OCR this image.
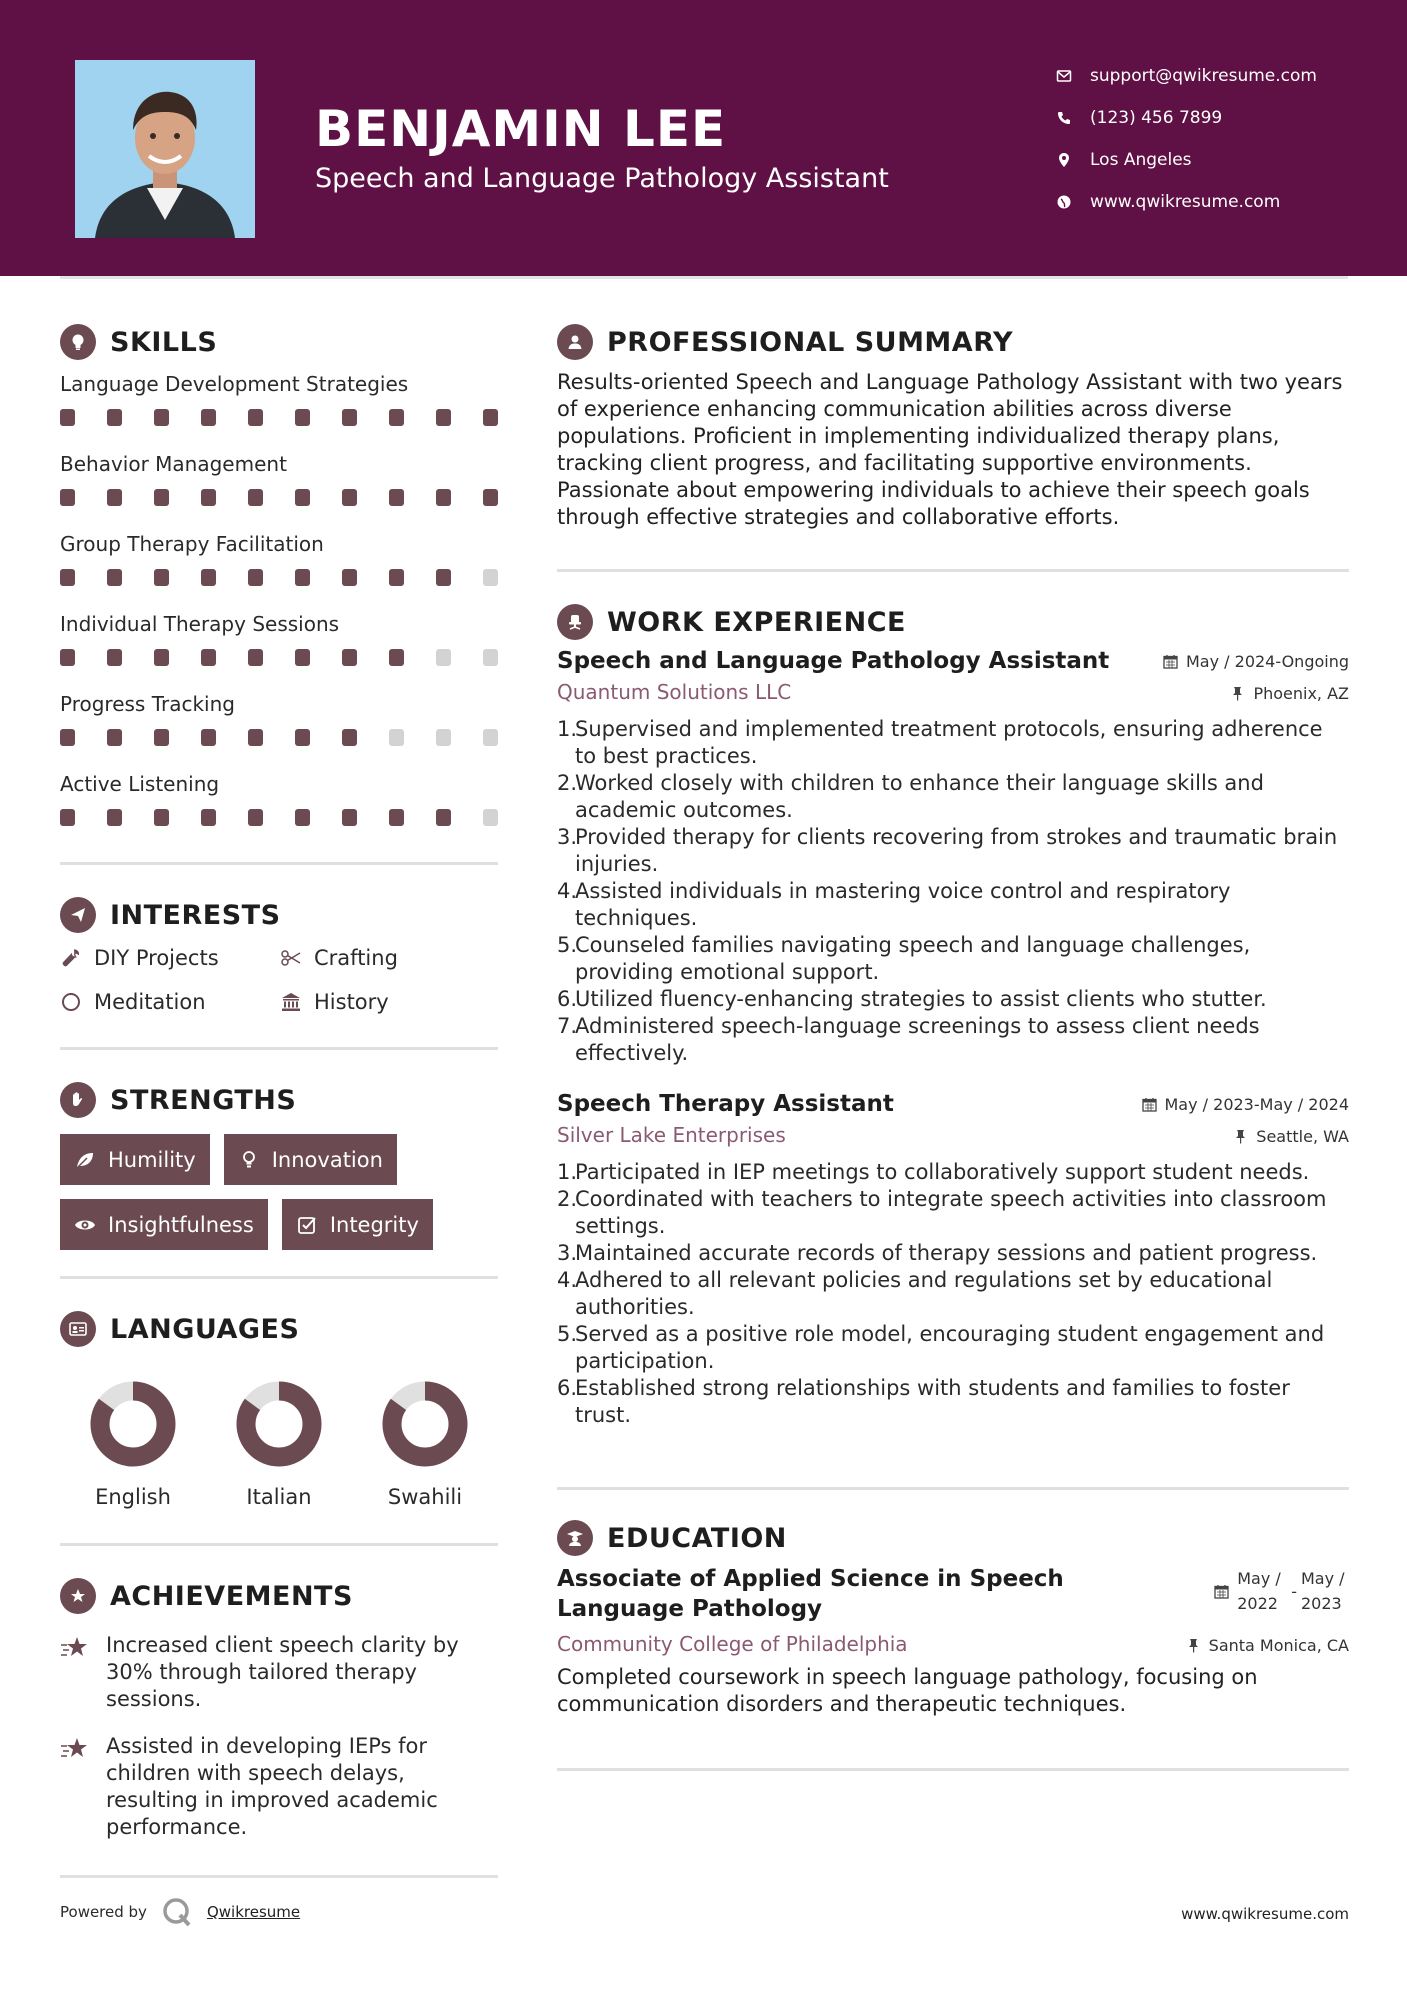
BENJAMIN LEE
Speech and Language Pathology Assistant
support@qwikresume.com
(123) 456 7899
Los Angeles
www.qwikresume.com
SKILLS
Language Development Strategies
Behavior Management
Group Therapy Facilitation
Individual Therapy Sessions
Progress Tracking
Active Listening
INTERESTS
DIY Projects	Crafting
Meditation	History
STRENGTHS
Humility	Innovation
Insightfulness	Integrity
LANGUAGES
English	Italian	Swahili
ACHIEVEMENTS
Increased client speech clarity by 30% through tailored therapy sessions.
Assisted in developing IEPs for children with speech delays, resulting in improved academic performance.
PROFESSIONAL SUMMARY
Results-oriented Speech and Language Pathology Assistant with two years of experience enhancing communication abilities across diverse populations. Proficient in implementing individualized therapy plans, tracking client progress, and facilitating supportive environments. Passionate about empowering individuals to achieve their speech goals through effective strategies and collaborative efforts.
WORK EXPERIENCE
Speech and Language Pathology Assistant	May / 2024-Ongoing
Quantum Solutions LLC	Phoenix, AZ
1.
Supervised and implemented treatment protocols, ensuring adherence to best practices.
2.
Worked closely with children to enhance their language skills and academic outcomes.
3.
Provided therapy for clients recovering from strokes and traumatic brain injuries.
4.
Assisted individuals in mastering voice control and respiratory techniques.
5.
Counseled families navigating speech and language challenges, providing emotional support.
6.
Utilized fluency-enhancing strategies to assist clients who stutter.
7.
Administered speech-language screenings to assess client needs effectively.
Speech Therapy Assistant	May / 2023-May / 2024
Silver Lake Enterprises	Seattle, WA
1.
Participated in IEP meetings to collaboratively support student needs.
2.
Coordinated with teachers to integrate speech activities into classroom settings.
3.
Maintained accurate records of therapy sessions and patient progress.
4.
Adhered to all relevant policies and regulations set by educational authorities.
5.
Served as a positive role model, encouraging student engagement and participation.
6.
Established strong relationships with students and families to foster trust.
EDUCATION
Associate of Applied Science in Speech Language Pathology
May / 2022
-
May / 2023
Community College of Philadelphia	Santa Monica, CA
Completed coursework in speech language pathology, focusing on communication disorders and therapeutic techniques.
Powered by	Qwikresume	www.qwikresume.com
